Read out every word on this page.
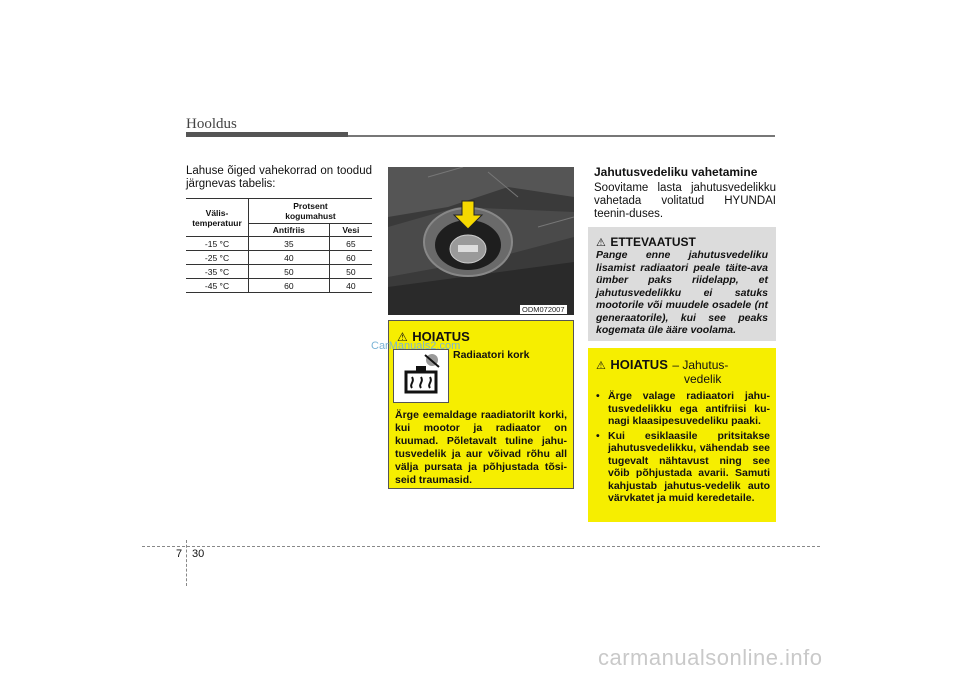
Hooldus
Lahuse õiged vahekorrad on toodud järgnevas tabelis:
Välis-
temperatuur	Protsent
kogumahust	
	Antifriis	Vesi
-15 °C	35	65
-25 °C	40	60
-35 °C	50	50
-45 °C	60	40
ODM072007
⚠ HOIATUS
Radiaatori kork
Ärge eemaldage raadiatorilt korki, kui mootor ja radiaator on kuumad. Põletavalt tuline jahu-tusvedelik ja aur võivad rõhu all välja pursata ja põhjustada tõsi-seid traumasid.
Jahutusvedeliku vahetamine
Soovitame lasta jahutusvedelikku vahetada volitatud HYUNDAI teenin-duses.
⚠ ETTEVAATUST
Pange enne jahutusvedeliku lisamist radiaatori peale täite-ava ümber paks riidelapp, et jahutusvedelikku ei satuks mootorile või muudele osadele (nt generaatorile), kui see peaks kogemata üle ääre voolama.
⚠ HOIATUS – Jahutus-
vedelik
• Ärge valage radiaatori jahu-tusvedelikku ega antifriisi ku-nagi klaasipesuvedeliku paaki.
• Kui esiklaasile pritsitakse jahutusvedelikku, vähendab see tugevalt nähtavust ning see võib põhjustada avarii. Samuti kahjustab jahutus-vedelik auto värvkatet ja muid keredetaile.
7 30
CarManuals2.com
carmanualsonline.info
